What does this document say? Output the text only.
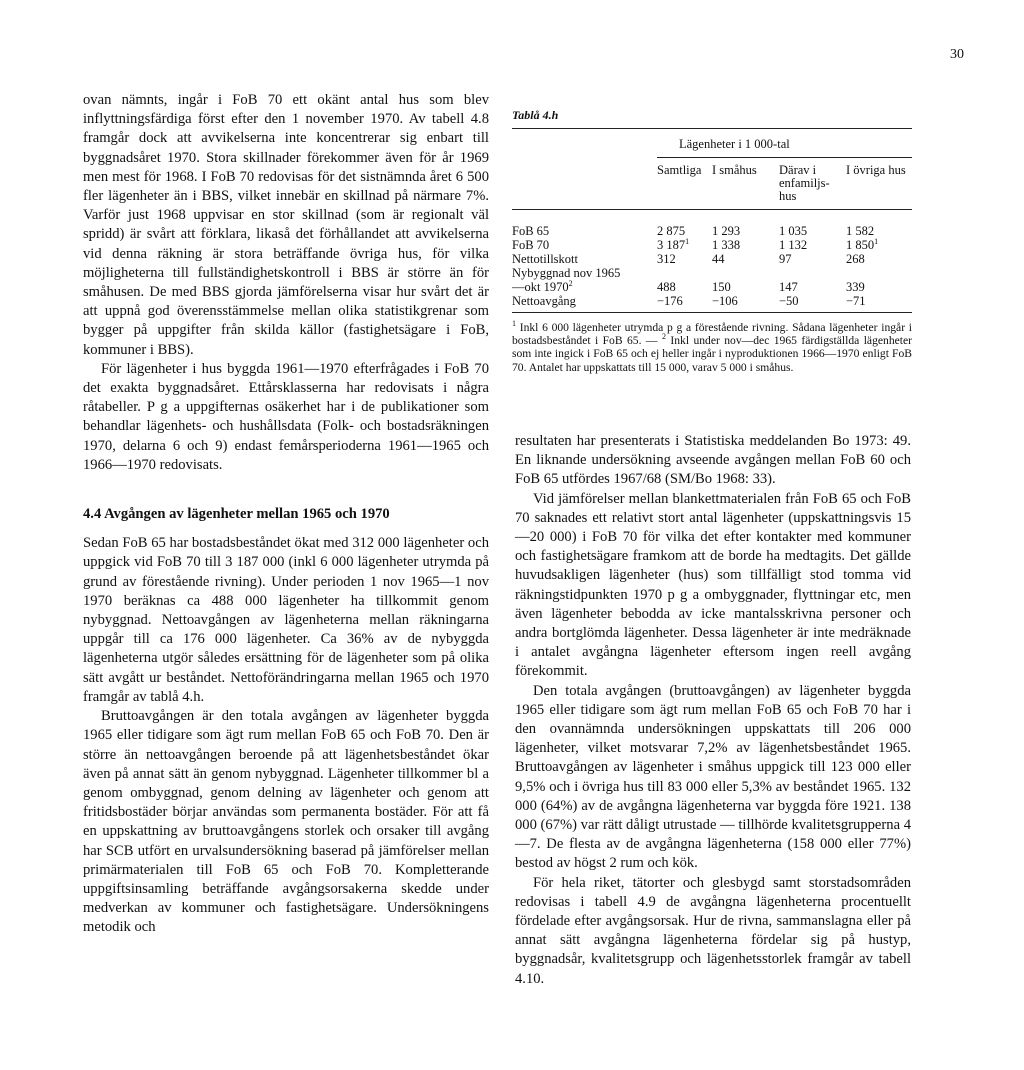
30

ovan nämnts, ingår i FoB 70 ett okänt antal hus som blev inflyttningsfärdiga först efter den 1 november 1970. Av tabell 4.8 framgår dock att avvikelserna inte koncentrerar sig enbart till byggnadsåret 1970. Stora skillnader förekommer även för år 1969 men mest för 1968. I FoB 70 redovisas för det sistnämnda året 6 500 fler lägenheter än i BBS, vilket innebär en skillnad på närmare 7%. Varför just 1968 uppvisar en stor skillnad (som är regionalt väl spridd) är svårt att förklara, likaså det förhållandet att avvikelserna vid denna räkning är stora beträffande övriga hus, för vilka möjligheterna till fullständighetskontroll i BBS är större än för småhusen. De med BBS gjorda jämförelserna visar hur svårt det är att uppnå god överensstämmelse mellan olika statistikgrenar som bygger på uppgifter från skilda källor (fastighetsägare i FoB, kommuner i BBS).

För lägenheter i hus byggda 1961—1970 efterfrågades i FoB 70 det exakta byggnadsåret. Ettårsklasserna har redovisats i några råtabeller. P g a uppgifternas osäkerhet har i de publikationer som behandlar lägenhets- och hushållsdata (Folk- och bostadsräkningen 1970, delarna 6 och 9) endast femårsperioderna 1961—1965 och 1966—1970 redovisats.

4.4 Avgången av lägenheter mellan 1965 och 1970

Sedan FoB 65 har bostadsbeståndet ökat med 312 000 lägenheter och uppgick vid FoB 70 till 3 187 000 (inkl 6 000 lägenheter utrymda på grund av förestående rivning). Under perioden 1 nov 1965—1 nov 1970 beräknas ca 488 000 lägenheter ha tillkommit genom nybyggnad. Nettoavgången av lägenheterna mellan räkningarna uppgår till ca 176 000 lägenheter. Ca 36% av de nybyggda lägenheterna utgör således ersättning för de lägenheter som på olika sätt avgått ur beståndet. Nettoförändringarna mellan 1965 och 1970 framgår av tablå 4.h.

Bruttoavgången är den totala avgången av lägenheter byggda 1965 eller tidigare som ägt rum mellan FoB 65 och FoB 70. Den är större än nettoavgången beroende på att lägenhetsbeståndet ökar även på annat sätt än genom nybyggnad. Lägenheter tillkommer bl a genom ombyggnad, genom delning av lägenheter och genom att fritidsbostäder börjar användas som permanenta bostäder. För att få en uppskattning av bruttoavgångens storlek och orsaker till avgång har SCB utfört en urvalsundersökning baserad på jämförelser mellan primärmaterialen till FoB 65 och FoB 70. Kompletterande uppgiftsinsamling beträffande avgångsorsakerna skedde under medverkan av kommuner och fastighetsägare. Undersökningens metodik och

Tablå 4.h
	Lägenheter i 1 000-tal			
	Samtliga	I småhus	Därav i enfamiljs-hus	I övriga hus

FoB 65	2 875	1 293	1 035	1 582
FoB 70	3 $187^1$	1 338	1 132	1 $850^1$
Nettotillskott	312	44	97	268
Nybyggnad nov 1965				
—okt 1970$^2$	488	150	147	339
Nettoavgång	−176	−106	−50	−71
$^1$ Inkl 6 000 lägenheter utrymda p g a förestående rivning. Sådana lägenheter ingår i bostadsbeståndet i FoB 65. — $^2$ Inkl under nov—dec 1965 färdigställda lägenheter som inte ingick i FoB 65 och ej heller ingår i nyproduktionen 1966—1970 enligt FoB 70. Antalet har uppskattats till 15 000, varav 5 000 i småhus.

resultaten har presenterats i Statistiska meddelanden Bo 1973: 49. En liknande undersökning avseende avgången mellan FoB 60 och FoB 65 utfördes 1967/68 (SM/Bo 1968: 33).

Vid jämförelser mellan blankettmaterialen från FoB 65 och FoB 70 saknades ett relativt stort antal lägenheter (uppskattningsvis 15—20 000) i FoB 70 för vilka det efter kontakter med kommuner och fastighetsägare framkom att de borde ha medtagits. Det gällde huvudsakligen lägenheter (hus) som tillfälligt stod tomma vid räkningstidpunkten 1970 p g a ombyggnader, flyttningar etc, men även lägenheter bebodda av icke mantalsskrivna personer och andra bortglömda lägenheter. Dessa lägenheter är inte medräknade i antalet avgångna lägenheter eftersom ingen reell avgång förekommit.

Den totala avgången (bruttoavgången) av lägenheter byggda 1965 eller tidigare som ägt rum mellan FoB 65 och FoB 70 har i den ovannämnda undersökningen uppskattats till 206 000 lägenheter, vilket motsvarar 7,2% av lägenhetsbeståndet 1965. Bruttoavgången av lägenheter i småhus uppgick till 123 000 eller 9,5% och i övriga hus till 83 000 eller 5,3% av beståndet 1965. 132 000 (64%) av de avgångna lägenheterna var byggda före 1921. 138 000 (67%) var rätt dåligt utrustade — tillhörde kvalitetsgrupperna 4—7. De flesta av de avgångna lägenheterna (158 000 eller 77%) bestod av högst 2 rum och kök.

För hela riket, tätorter och glesbygd samt storstadsområden redovisas i tabell 4.9 de avgångna lägenheterna procentuellt fördelade efter avgångsorsak. Hur de rivna, sammanslagna eller på annat sätt avgångna lägenheterna fördelar sig på hustyp, byggnadsår, kvalitetsgrupp och lägenhetsstorlek framgår av tabell 4.10.
